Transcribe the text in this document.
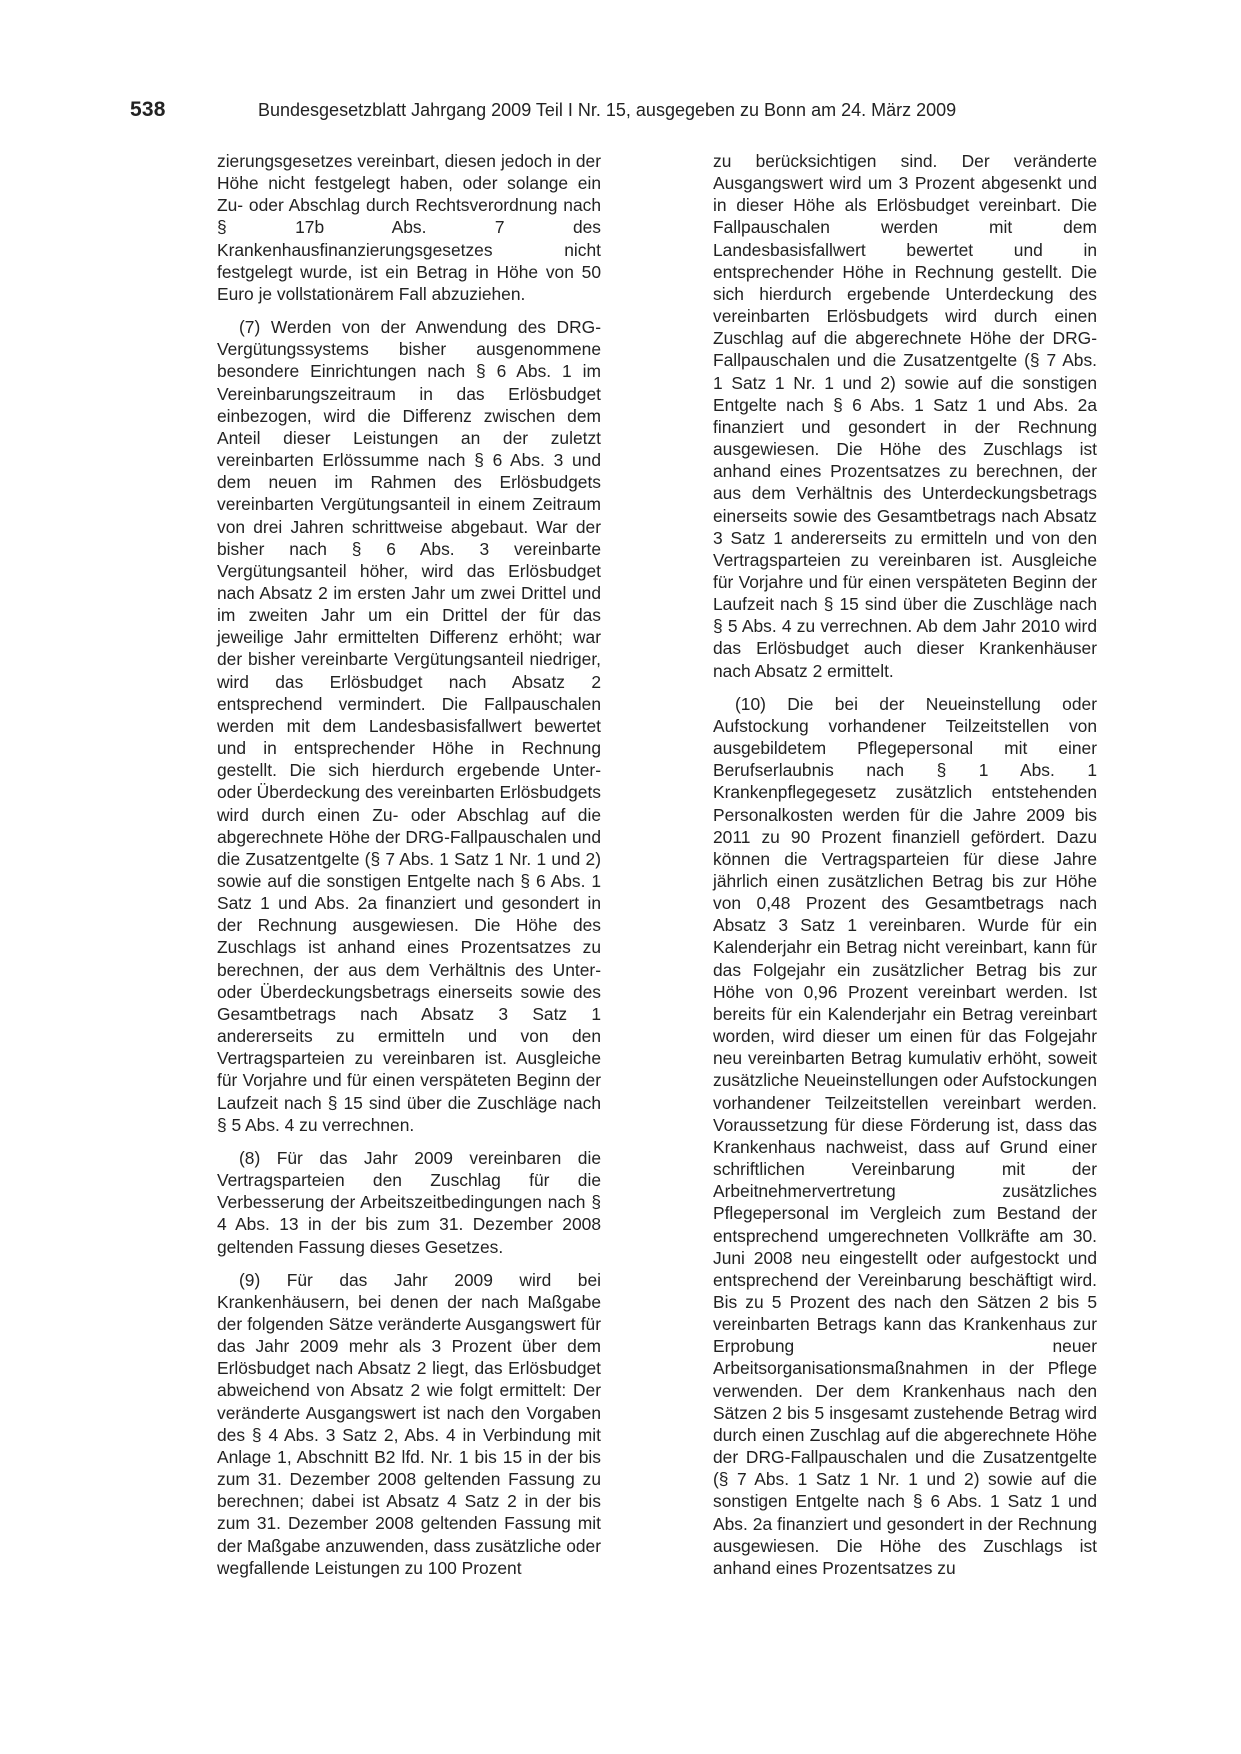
538	Bundesgesetzblatt Jahrgang 2009 Teil I Nr. 15, ausgegeben zu Bonn am 24. März 2009

zierungsgesetzes vereinbart, diesen jedoch in der Höhe nicht festgelegt haben, oder solange ein Zu- oder Abschlag durch Rechtsverordnung nach § 17b Abs. 7 des Krankenhausfinanzierungsgesetzes nicht festgelegt wurde, ist ein Betrag in Höhe von 50 Euro je vollstationärem Fall abzuziehen.

(7) Werden von der Anwendung des DRG-Vergütungssystems bisher ausgenommene besondere Einrichtungen nach § 6 Abs. 1 im Vereinbarungszeitraum in das Erlösbudget einbezogen, wird die Differenz zwischen dem Anteil dieser Leistungen an der zuletzt vereinbarten Erlössumme nach § 6 Abs. 3 und dem neuen im Rahmen des Erlösbudgets vereinbarten Vergütungsanteil in einem Zeitraum von drei Jahren schrittweise abgebaut. War der bisher nach § 6 Abs. 3 vereinbarte Vergütungsanteil höher, wird das Erlösbudget nach Absatz 2 im ersten Jahr um zwei Drittel und im zweiten Jahr um ein Drittel der für das jeweilige Jahr ermittelten Differenz erhöht; war der bisher vereinbarte Vergütungsanteil niedriger, wird das Erlösbudget nach Absatz 2 entsprechend vermindert. Die Fallpauschalen werden mit dem Landesbasisfallwert bewertet und in entsprechender Höhe in Rechnung gestellt. Die sich hierdurch ergebende Unter- oder Überdeckung des vereinbarten Erlösbudgets wird durch einen Zu- oder Abschlag auf die abgerechnete Höhe der DRG-Fallpauschalen und die Zusatzentgelte (§ 7 Abs. 1 Satz 1 Nr. 1 und 2) sowie auf die sonstigen Entgelte nach § 6 Abs. 1 Satz 1 und Abs. 2a finanziert und gesondert in der Rechnung ausgewiesen. Die Höhe des Zuschlags ist anhand eines Prozentsatzes zu berechnen, der aus dem Verhältnis des Unter- oder Überdeckungsbetrags einerseits sowie des Gesamtbetrags nach Absatz 3 Satz 1 andererseits zu ermitteln und von den Vertragsparteien zu vereinbaren ist. Ausgleiche für Vorjahre und für einen verspäteten Beginn der Laufzeit nach § 15 sind über die Zuschläge nach § 5 Abs. 4 zu verrechnen.

(8) Für das Jahr 2009 vereinbaren die Vertragsparteien den Zuschlag für die Verbesserung der Arbeitszeitbedingungen nach § 4 Abs. 13 in der bis zum 31. Dezember 2008 geltenden Fassung dieses Gesetzes.

(9) Für das Jahr 2009 wird bei Krankenhäusern, bei denen der nach Maßgabe der folgenden Sätze veränderte Ausgangswert für das Jahr 2009 mehr als 3 Prozent über dem Erlösbudget nach Absatz 2 liegt, das Erlösbudget abweichend von Absatz 2 wie folgt ermittelt: Der veränderte Ausgangswert ist nach den Vorgaben des § 4 Abs. 3 Satz 2, Abs. 4 in Verbindung mit Anlage 1, Abschnitt B2 lfd. Nr. 1 bis 15 in der bis zum 31. Dezember 2008 geltenden Fassung zu berechnen; dabei ist Absatz 4 Satz 2 in der bis zum 31. Dezember 2008 geltenden Fassung mit der Maßgabe anzuwenden, dass zusätzliche oder wegfallende Leistungen zu 100 Prozent

zu berücksichtigen sind. Der veränderte Ausgangswert wird um 3 Prozent abgesenkt und in dieser Höhe als Erlösbudget vereinbart. Die Fallpauschalen werden mit dem Landesbasisfallwert bewertet und in entsprechender Höhe in Rechnung gestellt. Die sich hierdurch ergebende Unterdeckung des vereinbarten Erlösbudgets wird durch einen Zuschlag auf die abgerechnete Höhe der DRG-Fallpauschalen und die Zusatzentgelte (§ 7 Abs. 1 Satz 1 Nr. 1 und 2) sowie auf die sonstigen Entgelte nach § 6 Abs. 1 Satz 1 und Abs. 2a finanziert und gesondert in der Rechnung ausgewiesen. Die Höhe des Zuschlags ist anhand eines Prozentsatzes zu berechnen, der aus dem Verhältnis des Unterdeckungsbetrags einerseits sowie des Gesamtbetrags nach Absatz 3 Satz 1 andererseits zu ermitteln und von den Vertragsparteien zu vereinbaren ist. Ausgleiche für Vorjahre und für einen verspäteten Beginn der Laufzeit nach § 15 sind über die Zuschläge nach § 5 Abs. 4 zu verrechnen. Ab dem Jahr 2010 wird das Erlösbudget auch dieser Krankenhäuser nach Absatz 2 ermittelt.

(10) Die bei der Neueinstellung oder Aufstockung vorhandener Teilzeitstellen von ausgebildetem Pflegepersonal mit einer Berufserlaubnis nach § 1 Abs. 1 Krankenpflegegesetz zusätzlich entstehenden Personalkosten werden für die Jahre 2009 bis 2011 zu 90 Prozent finanziell gefördert. Dazu können die Vertragsparteien für diese Jahre jährlich einen zusätzlichen Betrag bis zur Höhe von 0,48 Prozent des Gesamtbetrags nach Absatz 3 Satz 1 vereinbaren. Wurde für ein Kalenderjahr ein Betrag nicht vereinbart, kann für das Folgejahr ein zusätzlicher Betrag bis zur Höhe von 0,96 Prozent vereinbart werden. Ist bereits für ein Kalenderjahr ein Betrag vereinbart worden, wird dieser um einen für das Folgejahr neu vereinbarten Betrag kumulativ erhöht, soweit zusätzliche Neueinstellungen oder Aufstockungen vorhandener Teilzeitstellen vereinbart werden. Voraussetzung für diese Förderung ist, dass das Krankenhaus nachweist, dass auf Grund einer schriftlichen Vereinbarung mit der Arbeitnehmervertretung zusätzliches Pflegepersonal im Vergleich zum Bestand der entsprechend umgerechneten Vollkräfte am 30. Juni 2008 neu eingestellt oder aufgestockt und entsprechend der Vereinbarung beschäftigt wird. Bis zu 5 Prozent des nach den Sätzen 2 bis 5 vereinbarten Betrags kann das Krankenhaus zur Erprobung neuer Arbeitsorganisationsmaßnahmen in der Pflege verwenden. Der dem Krankenhaus nach den Sätzen 2 bis 5 insgesamt zustehende Betrag wird durch einen Zuschlag auf die abgerechnete Höhe der DRG-Fallpauschalen und die Zusatzentgelte (§ 7 Abs. 1 Satz 1 Nr. 1 und 2) sowie auf die sonstigen Entgelte nach § 6 Abs. 1 Satz 1 und Abs. 2a finanziert und gesondert in der Rechnung ausgewiesen. Die Höhe des Zuschlags ist anhand eines Prozentsatzes zu
